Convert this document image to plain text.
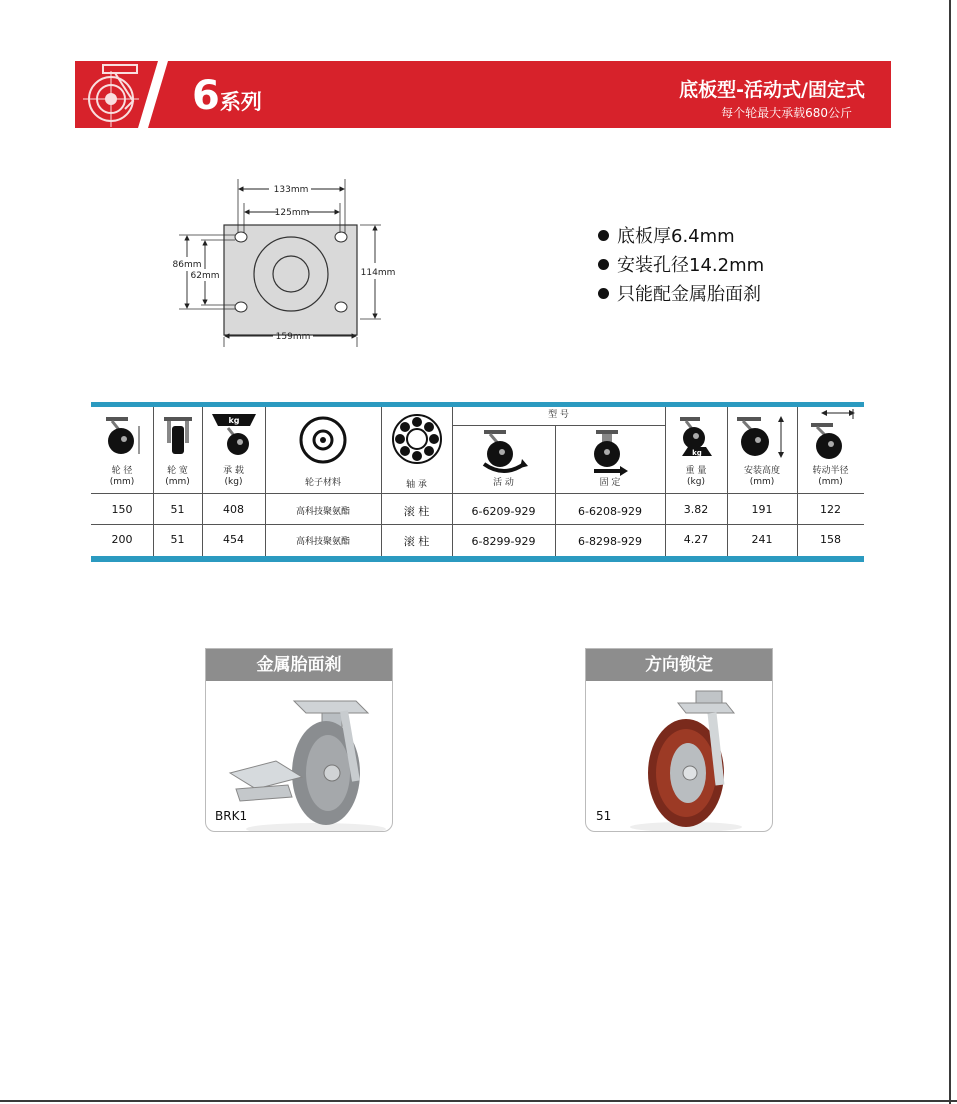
6系列	底板型-活动式/固定式
每个轮最大承载680公斤
133mm
125mm
86mm
62mm	114mm
159mm
底板厚6.4mm
安装孔径14.2mm
只能配金属胎面刹
kg
型 号
kg
轮 径
(mm)
轮 宽
(mm)
承 载
(kg)	轮子材料	轴 承	活 动	固 定
重 量
(kg)
安装高度
(mm)
转动半径
(mm)
150	51	408	高科技聚氨酯	滚 柱	6-6209-929	6-6208-929	3.82	191	122
200	51	454	高科技聚氨酯	滚 柱	6-8299-929	6-8298-929	4.27	241	158
金属胎面刹
BRK1
方向锁定
51
